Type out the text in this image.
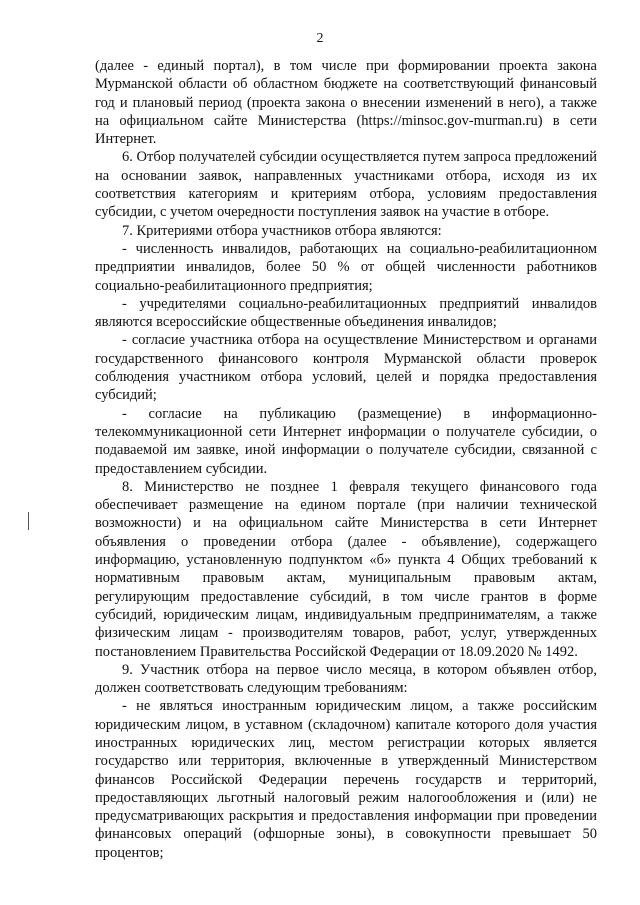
2

(далее - единый портал), в том числе при формировании проекта закона Мурманской области об областном бюджете на соответствующий финансовый год и плановый период (проекта закона о внесении изменений в него), а также на официальном сайте Министерства (https://minsoc.gov-murman.ru) в сети Интернет.

6. Отбор получателей субсидии осуществляется путем запроса предложений на основании заявок, направленных участниками отбора, исходя из их соответствия категориям и критериям отбора, условиям предоставления субсидии, с учетом очередности поступления заявок на участие в отборе.

7. Критериями отбора участников отбора являются:

- численность инвалидов, работающих на социально-реабилитационном предприятии инвалидов, более 50 % от общей численности работников социально-реабилитационного предприятия;

- учредителями социально-реабилитационных предприятий инвалидов являются всероссийские общественные объединения инвалидов;

- согласие участника отбора на осуществление Министерством и органами государственного финансового контроля Мурманской области проверок соблюдения участником отбора условий, целей и порядка предоставления субсидий;

- согласие на публикацию (размещение) в информационно-телекоммуникационной сети Интернет информации о получателе субсидии, о подаваемой им заявке, иной информации о получателе субсидии, связанной с предоставлением субсидии.

8. Министерство не позднее 1 февраля текущего финансового года обеспечивает размещение на едином портале (при наличии технической возможности) и на официальном сайте Министерства в сети Интернет объявления о проведении отбора (далее - объявление), содержащего информацию, установленную подпунктом «б» пункта 4 Общих требований к нормативным правовым актам, муниципальным правовым актам, регулирующим предоставление субсидий, в том числе грантов в форме субсидий, юридическим лицам, индивидуальным предпринимателям, а также физическим лицам - производителям товаров, работ, услуг, утвержденных постановлением Правительства Российской Федерации от 18.09.2020 № 1492.

9. Участник отбора на первое число месяца, в котором объявлен отбор, должен соответствовать следующим требованиям:

- не являться иностранным юридическим лицом, а также российским юридическим лицом, в уставном (складочном) капитале которого доля участия иностранных юридических лиц, местом регистрации которых является государство или территория, включенные в утвержденный Министерством финансов Российской Федерации перечень государств и территорий, предоставляющих льготный налоговый режим налогообложения и (или) не предусматривающих раскрытия и предоставления информации при проведении финансовых операций (офшорные зоны), в совокупности превышает 50 процентов;
